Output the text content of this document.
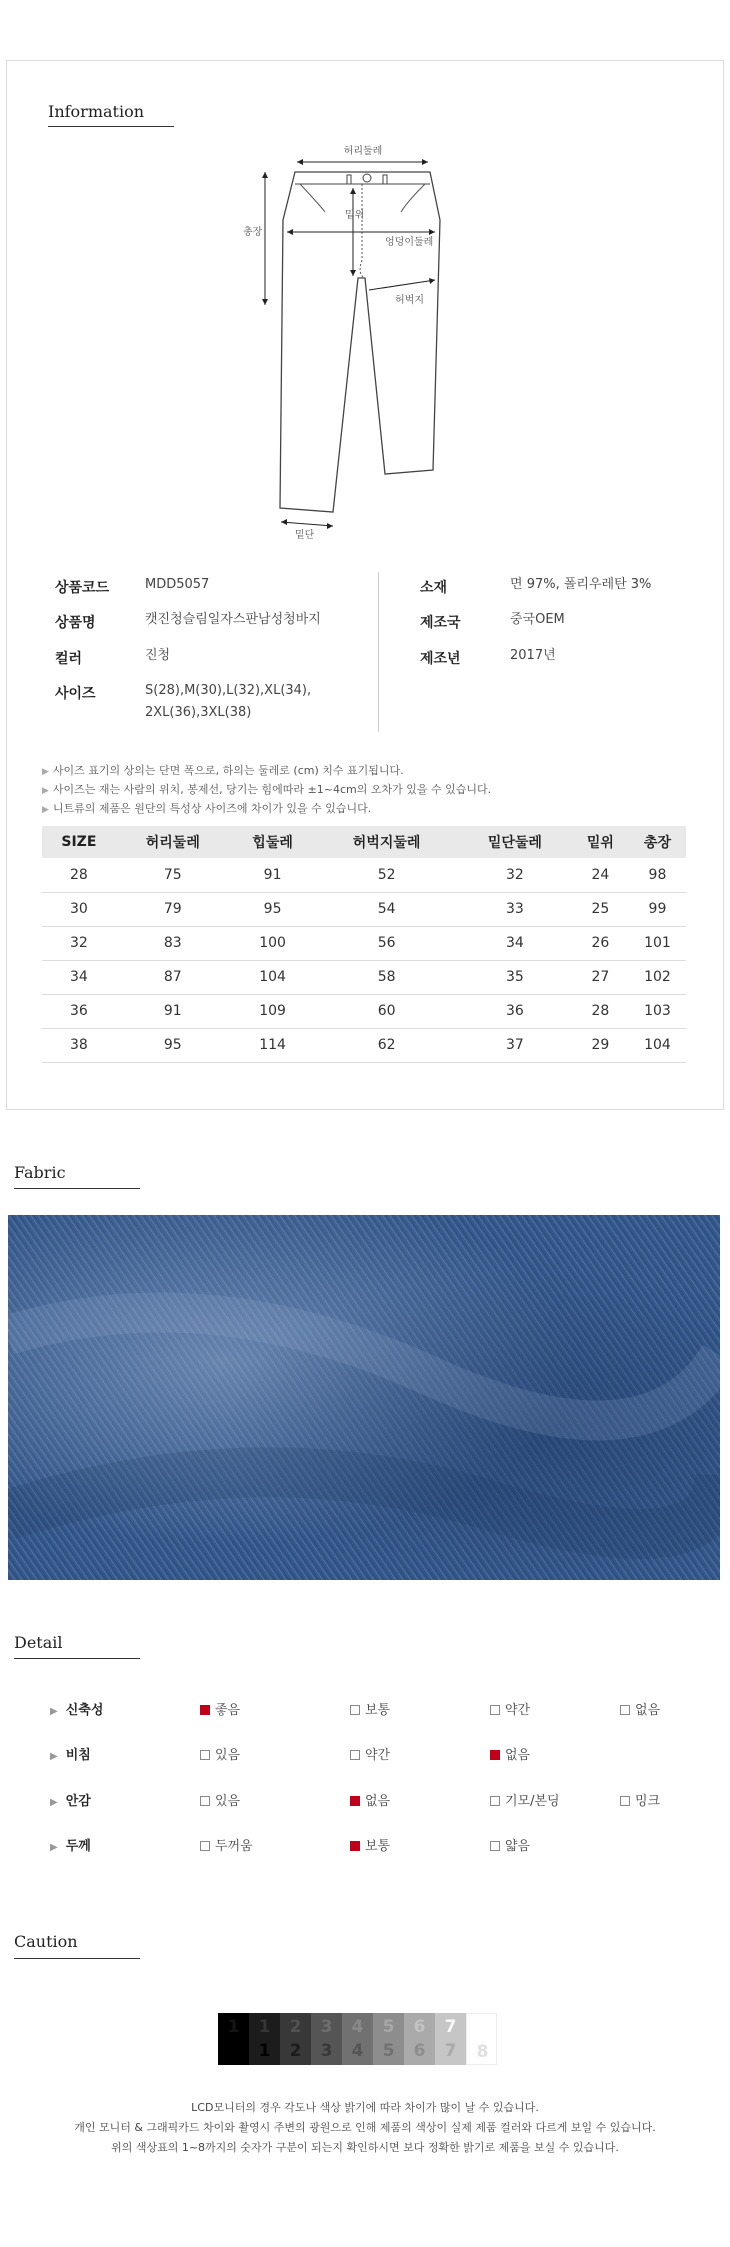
Information
허리둘레
총장
밑위
엉덩이둘레
허벅지
밑단
상품코드	MDD5057
상품명	캣진청슬림일자스판남성청바지
컬러	진청
사이즈	S(28),M(30),L(32),XL(34), 2XL(36),3XL(38)
소재	면 97%, 폴리우레탄 3%
제조국	중국OEM
제조년	2017년
▶ 사이즈 표기의 상의는 단면 폭으로, 하의는 둘레로 (cm) 치수 표기됩니다.
▶ 사이즈는 재는 사람의 위치, 봉제선, 당기는 힘에따라 ±1~4cm의 오차가 있을 수 있습니다.
▶ 니트류의 제품은 원단의 특성상 사이즈에 차이가 있을 수 있습니다.
SIZE	허리둘레	힙둘레	허벅지둘레	밑단둘레	밑위	총장
28	75	91	52	32	24	98
30	79	95	54	33	25	99
32	83	100	56	34	26	101
34	87	104	58	35	27	102
36	91	109	60	36	28	103
38	95	114	62	37	29	104
Fabric
Detail
▶ 신축성	좋음	보통	약간	없음
▶ 비침	있음	약간	없음
▶ 안감	있음	없음	기모/본딩	밍크
▶ 두께	두꺼움	보통	얇음
Caution
1	1
1
2
2
3
3
4
4
5
5
6
6
7
7
8
8
LCD모니터의 경우 각도나 색상 밝기에 따라 차이가 많이 날 수 있습니다.
개인 모니터 & 그래픽카드 차이와 촬영시 주변의 광원으로 인해 제품의 색상이 실제 제품 컬러와 다르게 보일 수 있습니다.
위의 색상표의 1~8까지의 숫자가 구분이 되는지 확인하시면 보다 정확한 밝기로 제품을 보실 수 있습니다.
